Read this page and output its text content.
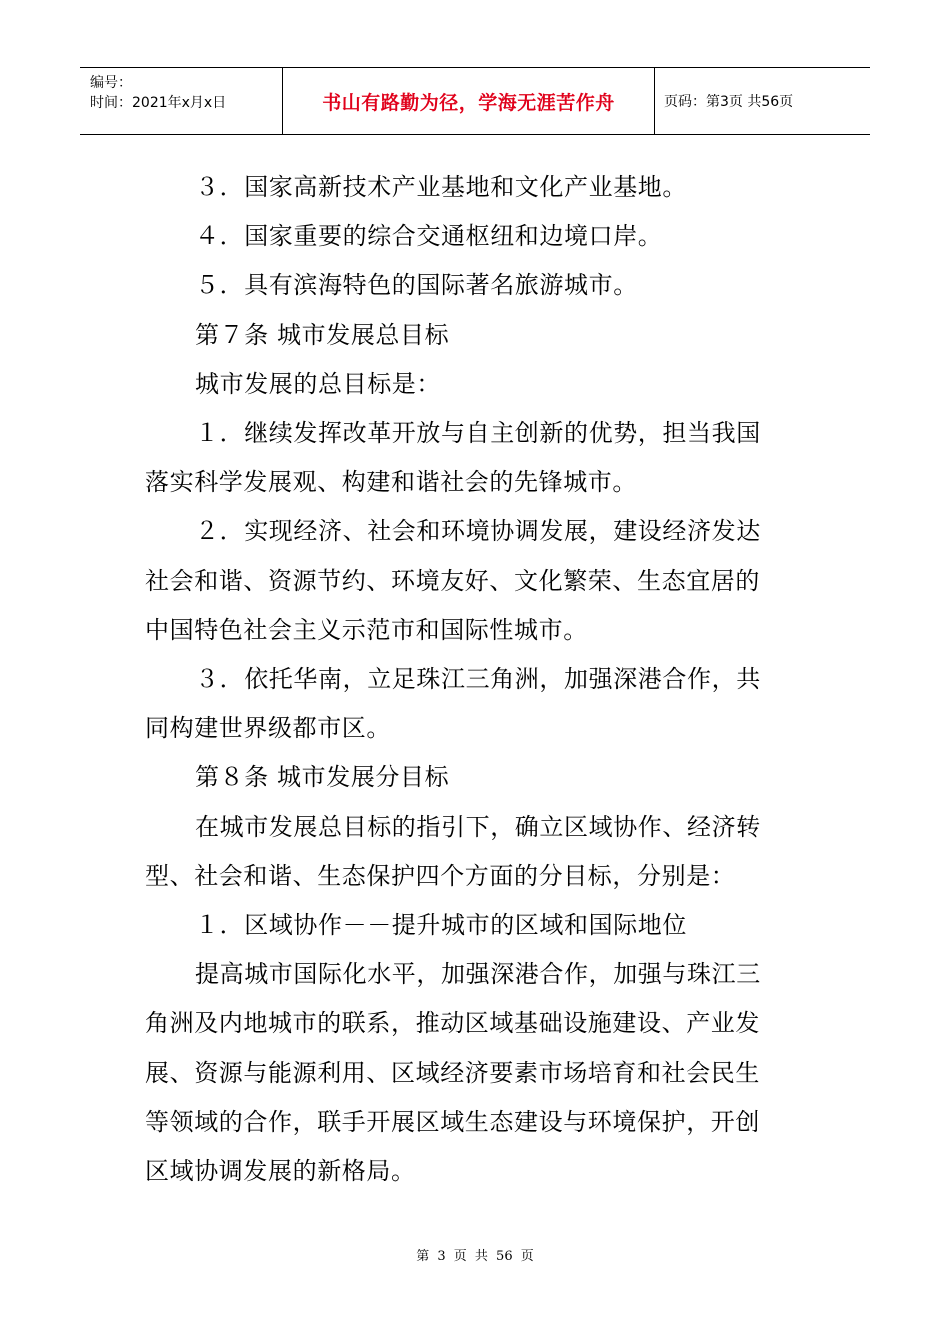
编号：
时间：2021年x月x日	书山有路勤为径，学海无涯苦作舟	页码：第3页 共56页

３．国家高新技术产业基地和文化产业基地。

４．国家重要的综合交通枢纽和边境口岸。

５．具有滨海特色的国际著名旅游城市。

第７条 城市发展总目标

城市发展的总目标是：

１．继续发挥改革开放与自主创新的优势，担当我国

落实科学发展观、构建和谐社会的先锋城市。

２．实现经济、社会和环境协调发展，建设经济发达

社会和谐、资源节约、环境友好、文化繁荣、生态宜居的

中国特色社会主义示范市和国际性城市。

３．依托华南，立足珠江三角洲，加强深港合作，共

同构建世界级都市区。

第８条 城市发展分目标

在城市发展总目标的指引下，确立区域协作、经济转

型、社会和谐、生态保护四个方面的分目标，分别是：

１．区域协作－－提升城市的区域和国际地位

提高城市国际化水平，加强深港合作，加强与珠江三

角洲及内地城市的联系，推动区域基础设施建设、产业发

展、资源与能源利用、区域经济要素市场培育和社会民生

等领域的合作，联手开展区域生态建设与环境保护，开创

区域协调发展的新格局。

第 3 页 共 56 页
